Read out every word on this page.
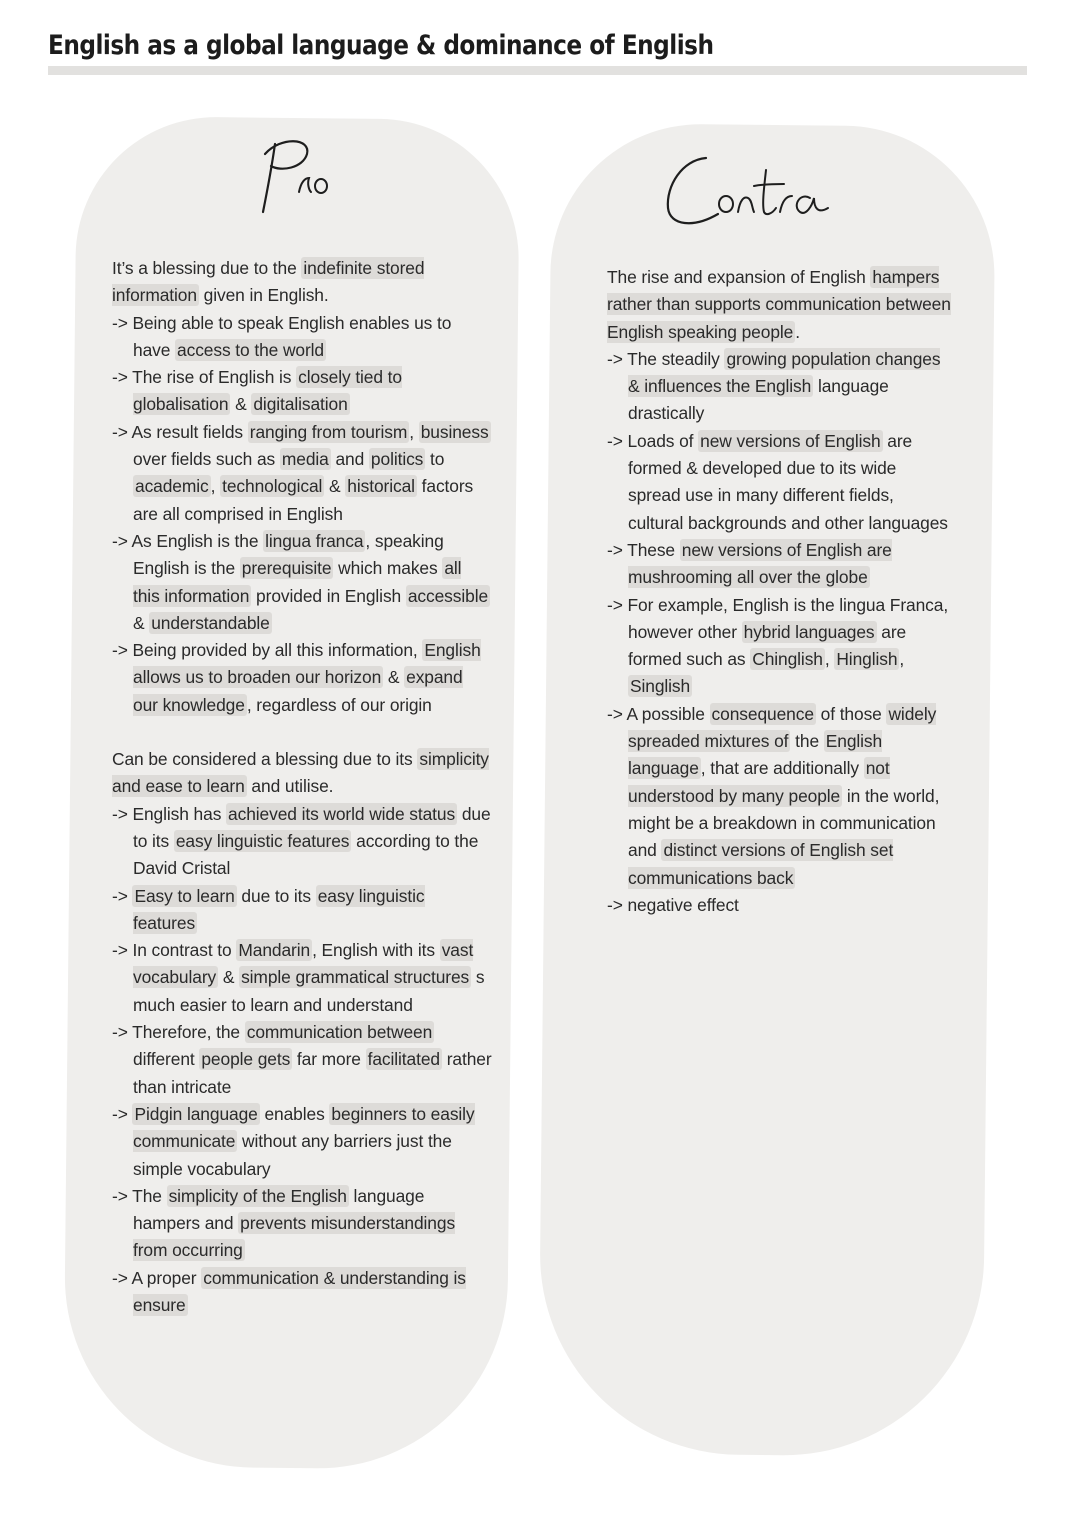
English as a global language & dominance of English

It’s a blessing due to the indefinite stored information given in English.

-> Being able to speak English enables us to have access to the world

-> The rise of English is closely tied to globalisation & digitalisation

-> As result fields ranging from tourism , business over fields such as media and politics to academic , technological & historical factors are all comprised in English

-> As English is the lingua franca , speaking English is the prerequisite which makes all this information provided in English accessible & understandable

-> Being provided by all this information, English allows us to broaden our horizon & expand our knowledge , regardless of our origin

Can be considered a blessing due to its simplicity and ease to learn and utilise.

-> English has achieved its world wide status due to its easy linguistic features according to the David Cristal

-> Easy to learn due to its easy linguistic features

-> In contrast to Mandarin , English with its vast vocabulary & simple grammatical structures s much easier to learn and understand

-> Therefore, the communication between different people gets far more facilitated rather than intricate

-> Pidgin language enables beginners to easily communicate without any barriers just the simple vocabulary

-> The simplicity of the English language hampers and prevents misunderstandings from occurring

-> A proper communication & understanding is ensure

The rise and expansion of English hampers rather than supports communication between English speaking people .

-> The steadily growing population changes & influences the English language drastically

-> Loads of new versions of English are formed & developed due to its wide spread use in many different fields, cultural backgrounds and other languages

-> These new versions of English are mushrooming all over the globe

-> For example, English is the lingua Franca, however other hybrid languages are formed such as Chinglish , Hinglish , Singlish

-> A possible consequence of those widely spreaded mixtures of the English language , that are additionally not understood by many people in the world, might be a breakdown in communication and distinct versions of English set communications back

-> negative effect
